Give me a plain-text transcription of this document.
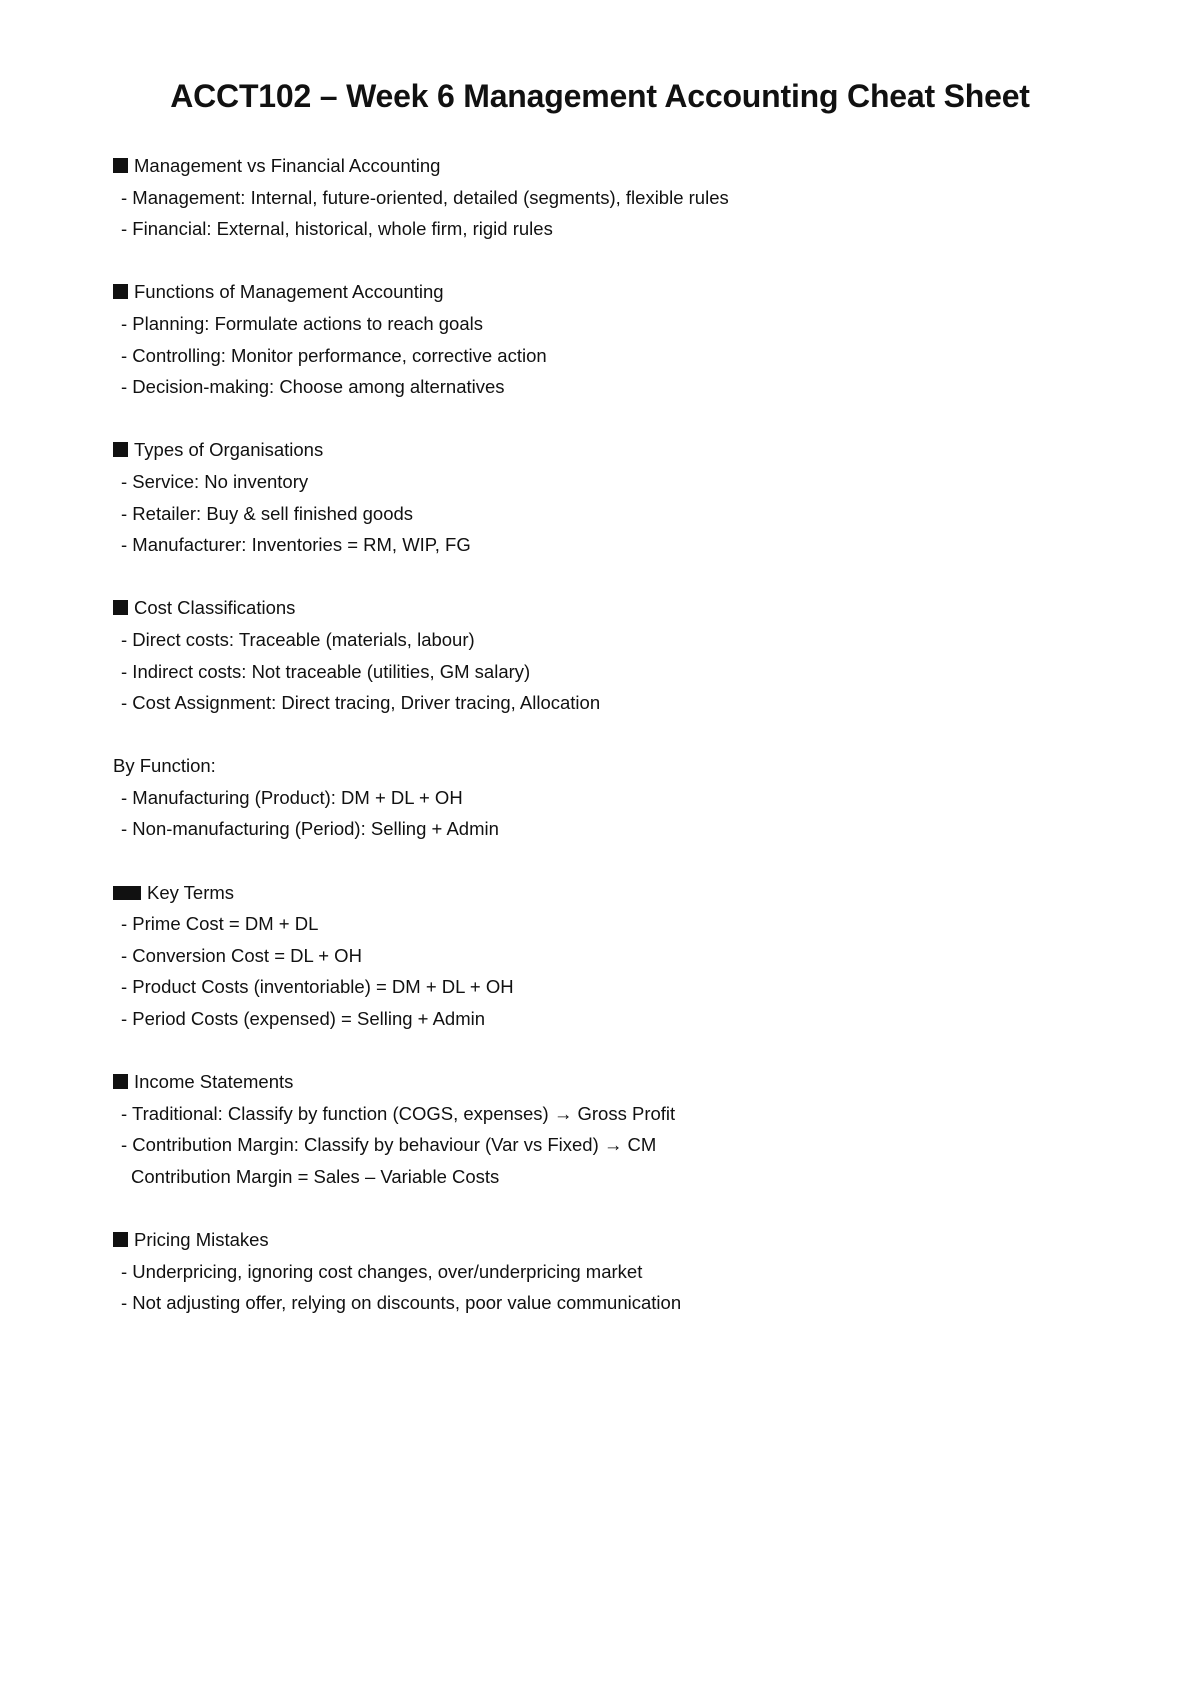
ACCT102 – Week 6 Management Accounting Cheat Sheet
Management vs Financial Accounting
- Management: Internal, future-oriented, detailed (segments), flexible rules
- Financial: External, historical, whole firm, rigid rules
Functions of Management Accounting
- Planning: Formulate actions to reach goals
- Controlling: Monitor performance, corrective action
- Decision-making: Choose among alternatives
Types of Organisations
- Service: No inventory
- Retailer: Buy & sell finished goods
- Manufacturer: Inventories = RM, WIP, FG
Cost Classifications
- Direct costs: Traceable (materials, labour)
- Indirect costs: Not traceable (utilities, GM salary)
- Cost Assignment: Direct tracing, Driver tracing, Allocation
By Function:
- Manufacturing (Product): DM + DL + OH
- Non-manufacturing (Period): Selling + Admin
Key Terms
- Prime Cost = DM + DL
- Conversion Cost = DL + OH
- Product Costs (inventoriable) = DM + DL + OH
- Period Costs (expensed) = Selling + Admin
Income Statements
- Traditional: Classify by function (COGS, expenses) → Gross Profit
- Contribution Margin: Classify by behaviour (Var vs Fixed) → CM
Contribution Margin = Sales – Variable Costs
Pricing Mistakes
- Underpricing, ignoring cost changes, over/underpricing market
- Not adjusting offer, relying on discounts, poor value communication
